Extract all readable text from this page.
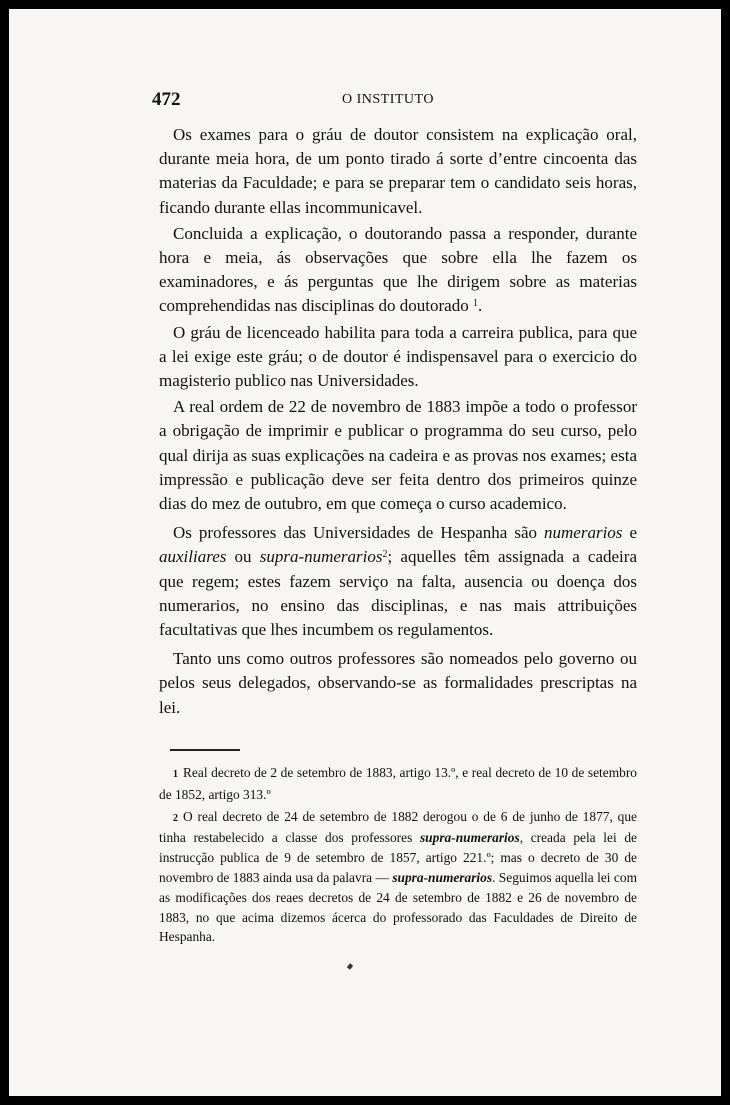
472	O INSTITUTO

Os exames para o gráu de doutor consistem na explicação oral, durante meia hora, de um ponto tirado á sorte d’entre cincoenta das materias da Faculdade; e para se preparar tem o candidato seis horas, ficando durante ellas incommunicavel.

Concluida a explicação, o doutorando passa a responder, durante hora e meia, ás observações que sobre ella lhe fazem os examinadores, e ás perguntas que lhe dirigem sobre as materias comprehendidas nas disciplinas do doutorado $^1$.

O gráu de licenceado habilita para toda a carreira publica, para que a lei exige este gráu; o de doutor é indispensavel para o exercicio do magisterio publico nas Universidades.

A real ordem de 22 de novembro de 1883 impõe a todo o professor a obrigação de imprimir e publicar o programma do seu curso, pelo qual dirija as suas explicações na cadeira e as provas nos exames; esta impressão e publicação deve ser feita dentro dos primeiros quinze dias do mez de outubro, em que começa o curso academico.

Os professores das Universidades de Hespanha são numerarios e auxiliares ou supra-numerarios$^2$; aquelles têm assignada a cadeira que regem; estes fazem serviço na falta, ausencia ou doença dos numerarios, no ensino das disciplinas, e nas mais attribuições facultativas que lhes incumbem os regulamentos.

Tanto uns como outros professores são nomeados pelo governo ou pelos seus delegados, observando-se as formalidades prescriptas na lei.

1 Real decreto de 2 de setembro de 1883, artigo 13.º, e real decreto de 10 de setembro de 1852, artigo 313.º

2 O real decreto de 24 de setembro de 1882 derogou o de 6 de junho de 1877, que tinha restabelecido a classe dos professores supra-numerarios, creada pela lei de instrucção publica de 9 de setembro de 1857, artigo 221.º; mas o decreto de 30 de novembro de 1883 ainda usa da palavra — supra-numerarios. Seguimos aquella lei com as modificações dos reaes decretos de 24 de setembro de 1882 e 26 de novembro de 1883, no que acima dizemos ácerca do professorado das Faculdades de Direito de Hespanha.
